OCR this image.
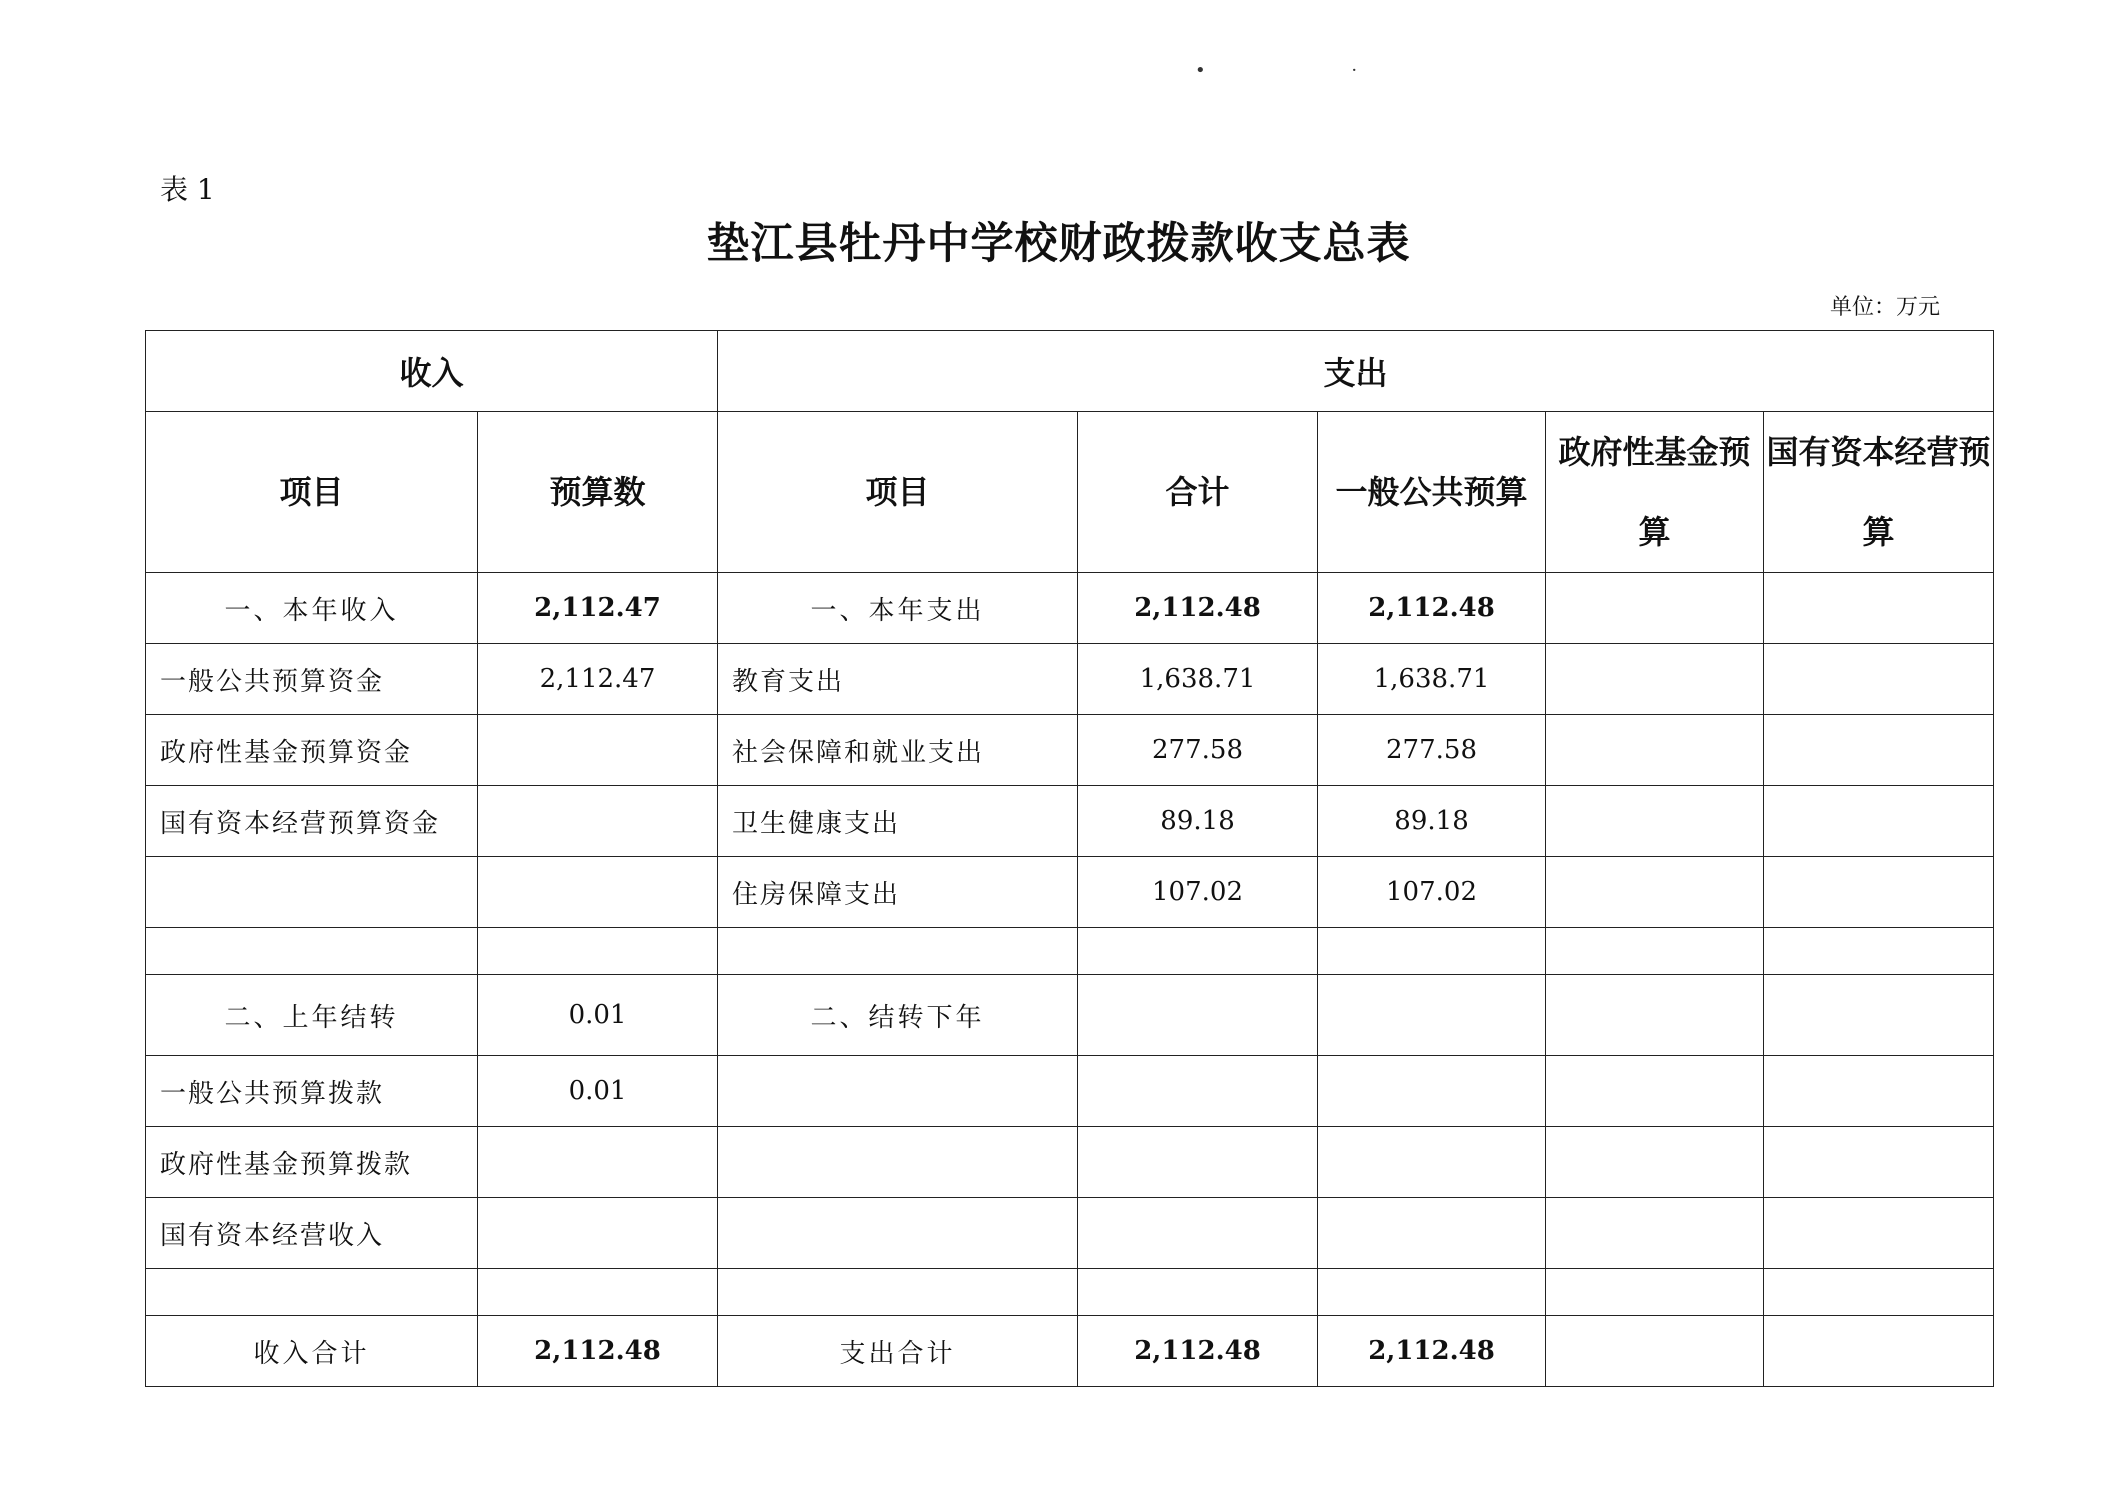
• ·
表 1
垫江县牡丹中学校财政拨款收支总表
单位：万元
收入		支出				
项目	预算数	项目	合计	一般公共预算	政府性基金预算	国有资本经营预算
一、本年收入	2,112.47	一、本年支出	2,112.48	2,112.48		
一般公共预算资金	2,112.47	教育支出	1,638.71	1,638.71		
政府性基金预算资金		社会保障和就业支出	277.58	277.58		
国有资本经营预算资金		卫生健康支出	89.18	89.18		
		住房保障支出	107.02	107.02		

二、上年结转	0.01	二、结转下年				
一般公共预算拨款	0.01					
政府性基金预算拨款						
国有资本经营收入						

收入合计	2,112.48	支出合计	2,112.48	2,112.48		
